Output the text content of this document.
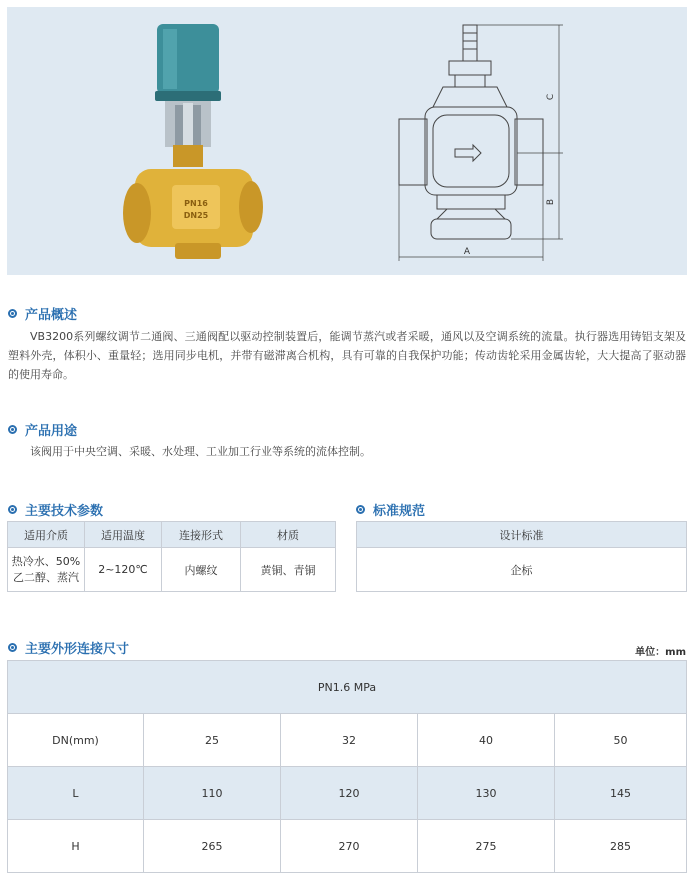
PN16
DN25
A
B
C
产品概述
VB3200系列螺纹调节二通阀、三通阀配以驱动控制装置后，能调节蒸汽或者采暖，通风以及空调系统的流量。执行器选用铸铝支架及塑料外壳，体积小、重量轻；选用同步电机，并带有磁滞离合机构，具有可靠的自我保护功能；传动齿轮采用金属齿轮，大大提高了驱动器的使用寿命。
产品用途
该阀用于中央空调、采暖、水处理、工业加工行业等系统的流体控制。
主要技术参数
适用介质	适用温度	连接形式	材质
热冷水、50%乙二醇、蒸汽	2~120℃	内螺纹	黄铜、青铜
标准规范
设计标准
企标
主要外形连接尺寸	单位：mm
PN1.6 MPa				
DN(mm)	25	32	40	50
L	110	120	130	145
H	265	270	275	285
